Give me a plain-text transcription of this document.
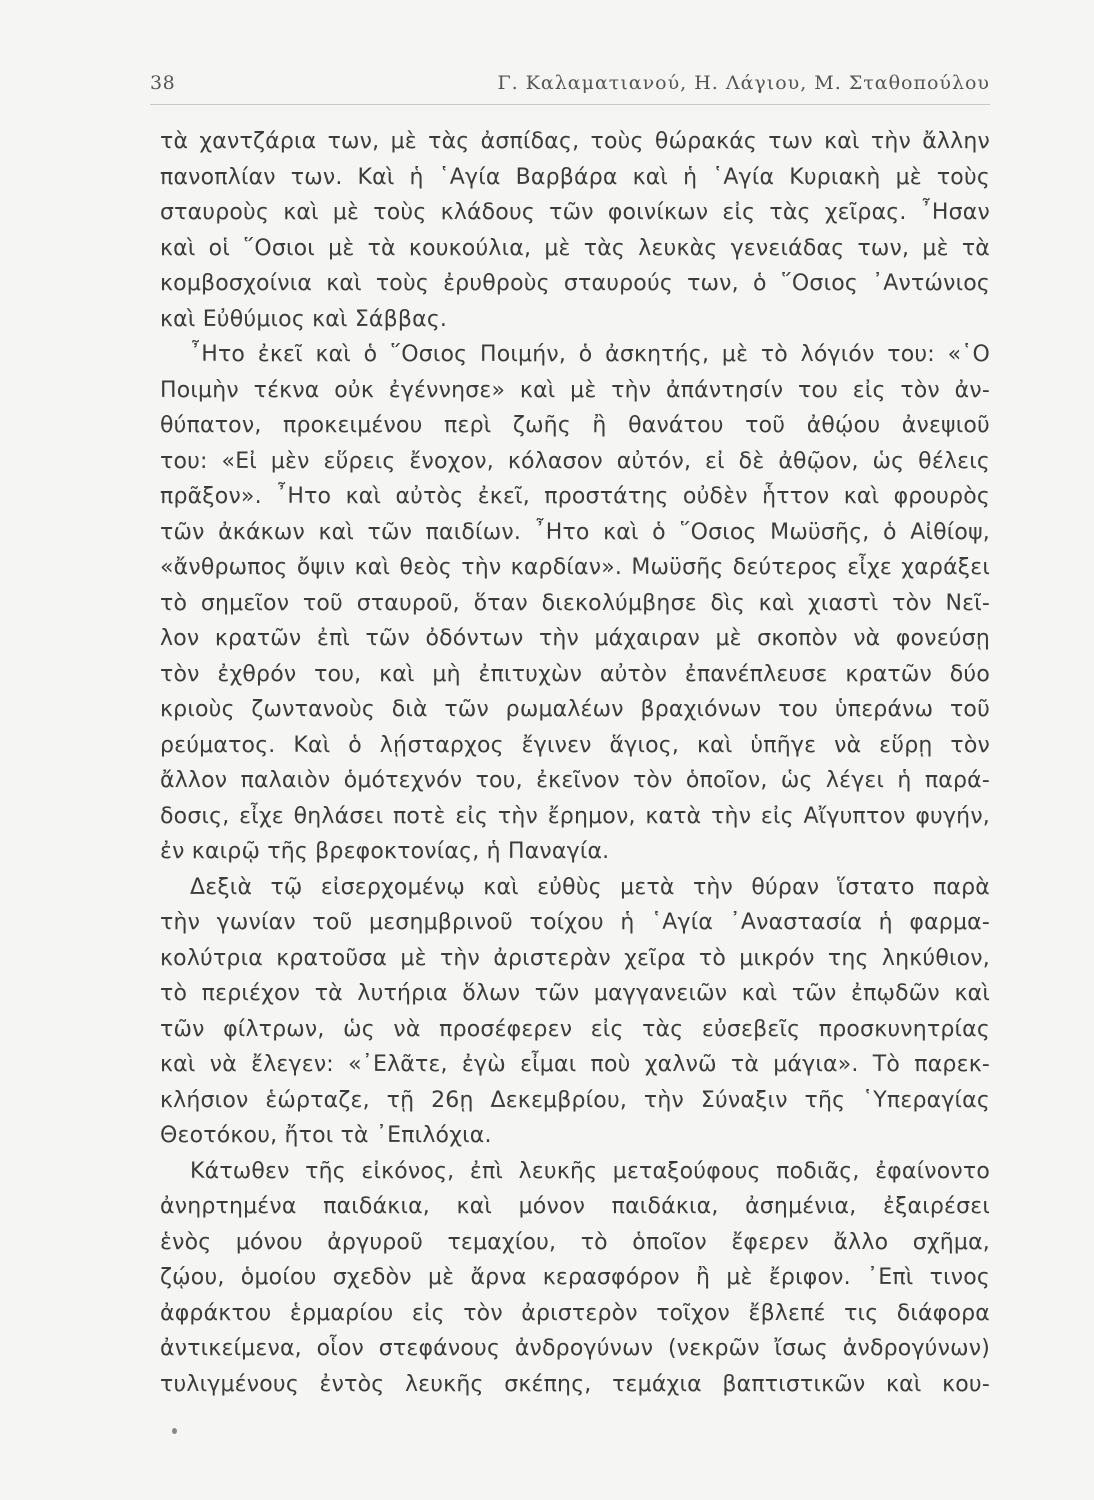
38	Γ. Καλαματιανού, Η. Λάγιου, Μ. Σταθοπούλου
τὰ χαντζάρια των, μὲ τὰς ἀσπίδας, τοὺς θώρακάς των καὶ τὴν ἄλλην
πανοπλίαν των. Καὶ ἡ ῾Αγία Βαρβάρα καὶ ἡ ῾Αγία Κυριακὴ μὲ τοὺς
σταυροὺς καὶ μὲ τοὺς κλάδους τῶν φοινίκων εἰς τὰς χεῖρας. ῏Ησαν
καὶ οἱ ῞Οσιοι μὲ τὰ κουκούλια, μὲ τὰς λευκὰς γενειάδας των, μὲ τὰ
κομβοσχοίνια καὶ τοὺς ἐρυθροὺς σταυρούς των, ὁ ῞Οσιος ᾿Αντώνιος
καὶ Εὐθύμιος καὶ Σάββας.
῏Ητο ἐκεῖ καὶ ὁ ῞Οσιος Ποιμήν, ὁ ἀσκητής, μὲ τὸ λόγιόν του: «῾Ο
Ποιμὴν τέκνα οὐκ ἐγέννησε» καὶ μὲ τὴν ἀπάντησίν του εἰς τὸν ἀν-
θύπατον, προκειμένου περὶ ζωῆς ἢ θανάτου τοῦ ἀθῴου ἀνεψιοῦ
του: «Εἰ μὲν εὕρεις ἔνοχον, κόλασον αὐτόν, εἰ δὲ ἀθῷον, ὡς θέλεις
πρᾶξον». ῏Ητο καὶ αὐτὸς ἐκεῖ, προστάτης οὐδὲν ἧττον καὶ φρουρὸς
τῶν ἀκάκων καὶ τῶν παιδίων. ῏Ητο καὶ ὁ ῞Οσιος Μωϋσῆς, ὁ Αἰθίοψ,
«ἄνθρωπος ὄψιν καὶ θεὸς τὴν καρδίαν». Μωϋσῆς δεύτερος εἶχε χαράξει
τὸ σημεῖον τοῦ σταυροῦ, ὅταν διεκολύμβησε δὶς καὶ χιαστὶ τὸν Νεῖ-
λον κρατῶν ἐπὶ τῶν ὀδόντων τὴν μάχαιραν μὲ σκοπὸν νὰ φονεύσῃ
τὸν ἐχθρόν του, καὶ μὴ ἐπιτυχὼν αὐτὸν ἐπανέπλευσε κρατῶν δύο
κριοὺς ζωντανοὺς διὰ τῶν ρωμαλέων βραχιόνων του ὑπεράνω τοῦ
ρεύματος. Καὶ ὁ λῄσταρχος ἔγινεν ἅγιος, καὶ ὑπῆγε νὰ εὕρῃ τὸν
ἄλλον παλαιὸν ὁμότεχνόν του, ἐκεῖνον τὸν ὁποῖον, ὡς λέγει ἡ παρά-
δοσις, εἶχε θηλάσει ποτὲ εἰς τὴν ἔρημον, κατὰ τὴν εἰς Αἴγυπτον φυγήν,
ἐν καιρῷ τῆς βρεφοκτονίας, ἡ Παναγία.
Δεξιὰ τῷ εἰσερχομένῳ καὶ εὐθὺς μετὰ τὴν θύραν ἵστατο παρὰ
τὴν γωνίαν τοῦ μεσημβρινοῦ τοίχου ἡ ῾Αγία ᾿Αναστασία ἡ φαρμα-
κολύτρια κρατοῦσα μὲ τὴν ἀριστερὰν χεῖρα τὸ μικρόν της ληκύθιον,
τὸ περιέχον τὰ λυτήρια ὅλων τῶν μαγγανειῶν καὶ τῶν ἐπῳδῶν καὶ
τῶν φίλτρων, ὡς νὰ προσέφερεν εἰς τὰς εὐσεβεῖς προσκυνητρίας
καὶ νὰ ἔλεγεν: «᾿Ελᾶτε, ἐγὼ εἶμαι ποὺ χαλνῶ τὰ μάγια». Τὸ παρεκ-
κλήσιον ἑώρταζε, τῇ 26ῃ Δεκεμβρίου, τὴν Σύναξιν τῆς ῾Υπεραγίας
Θεοτόκου, ἤτοι τὰ ᾿Επιλόχια.
Κάτωθεν τῆς εἰκόνος, ἐπὶ λευκῆς μεταξούφους ποδιᾶς, ἐφαίνοντο
ἀνηρτημένα παιδάκια, καὶ μόνον παιδάκια, ἀσημένια, ἐξαιρέσει
ἑνὸς μόνου ἀργυροῦ τεμαχίου, τὸ ὁποῖον ἔφερεν ἄλλο σχῆμα,
ζῴου, ὁμοίου σχεδὸν μὲ ἄρνα κερασφόρον ἢ μὲ ἔριφον. ᾿Επὶ τινος
ἀφράκτου ἑρμαρίου εἰς τὸν ἀριστερὸν τοῖχον ἔβλεπέ τις διάφορα
ἀντικείμενα, οἷον στεφάνους ἀνδρογύνων (νεκρῶν ἴσως ἀνδρογύνων)
τυλιγμένους ἐντὸς λευκῆς σκέπης, τεμάχια βαπτιστικῶν καὶ κου-
